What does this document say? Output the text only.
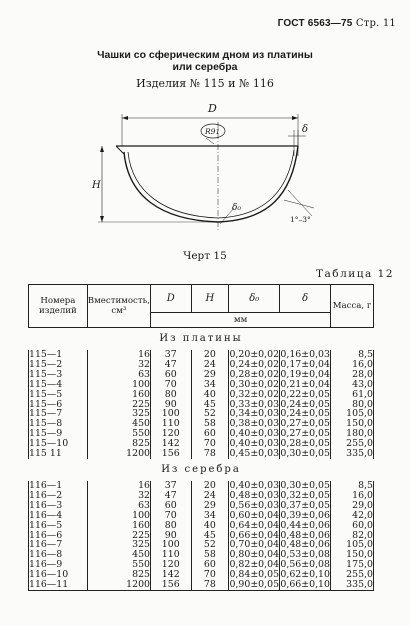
ГОСТ 6563—75 Стр. 11
Чашки со сферическим дном из платины
или серебра
Изделия № 115 и № 116
D
H
R91	δ
δ₀
1°–3°
Черт 15
Таблица 12
Номера изделий	Вместимость, см³	D	H	δ₀	δ	Масса, г
		мм				
Из платины						
115—1	16	37	20	0,20±0,02	0,16±0,03	8,5
115—2	32	47	24	0,24±0,02	0,17±0,04	16,0
115—3	63	60	29	0,28±0,02	0,19±0,04	28,0
115—4	100	70	34	0,30±0,02	0,21±0,04	43,0
115—5	160	80	40	0,32±0,02	0,22±0,05	61,0
115—6	225	90	45	0,33±0,03	0,24±0,05	80,0
115—7	325	100	52	0,34±0,03	0,24±0,05	105,0
115—8	450	110	58	0,38±0,03	0,27±0,05	150,0
115—9	550	120	60	0,40±0,03	0,27±0,05	180,0
115—10	825	142	70	0,40±0,03	0,28±0,05	255,0
115 11	1200	156	78	0,45±0,03	0,30±0,05	335,0
Из серебра						
116—1	16	37	20	0,40±0,03	0,30±0,05	8,5
116—2	32	47	24	0,48±0,03	0,32±0,05	16,0
116—3	63	60	29	0,56±0,03	0,37±0,05	29,0
116—4	100	70	34	0,60±0,04	0,39±0,06	42,0
116—5	160	80	40	0,64±0,04	0,44±0,06	60,0
116—6	225	90	45	0,66±0,04	0,48±0,06	82,0
116—7	325	100	52	0,70±0,04	0,48±0,06	105,0
116—8	450	110	58	0,80±0,04	0,53±0,08	150,0
116—9	550	120	60	0,82±0,04	0,56±0,08	175,0
116—10	825	142	70	0,84±0,05	0,62±0,10	255,0
116—11	1200	156	78	0,90±0,05	0,66±0,10	335,0
